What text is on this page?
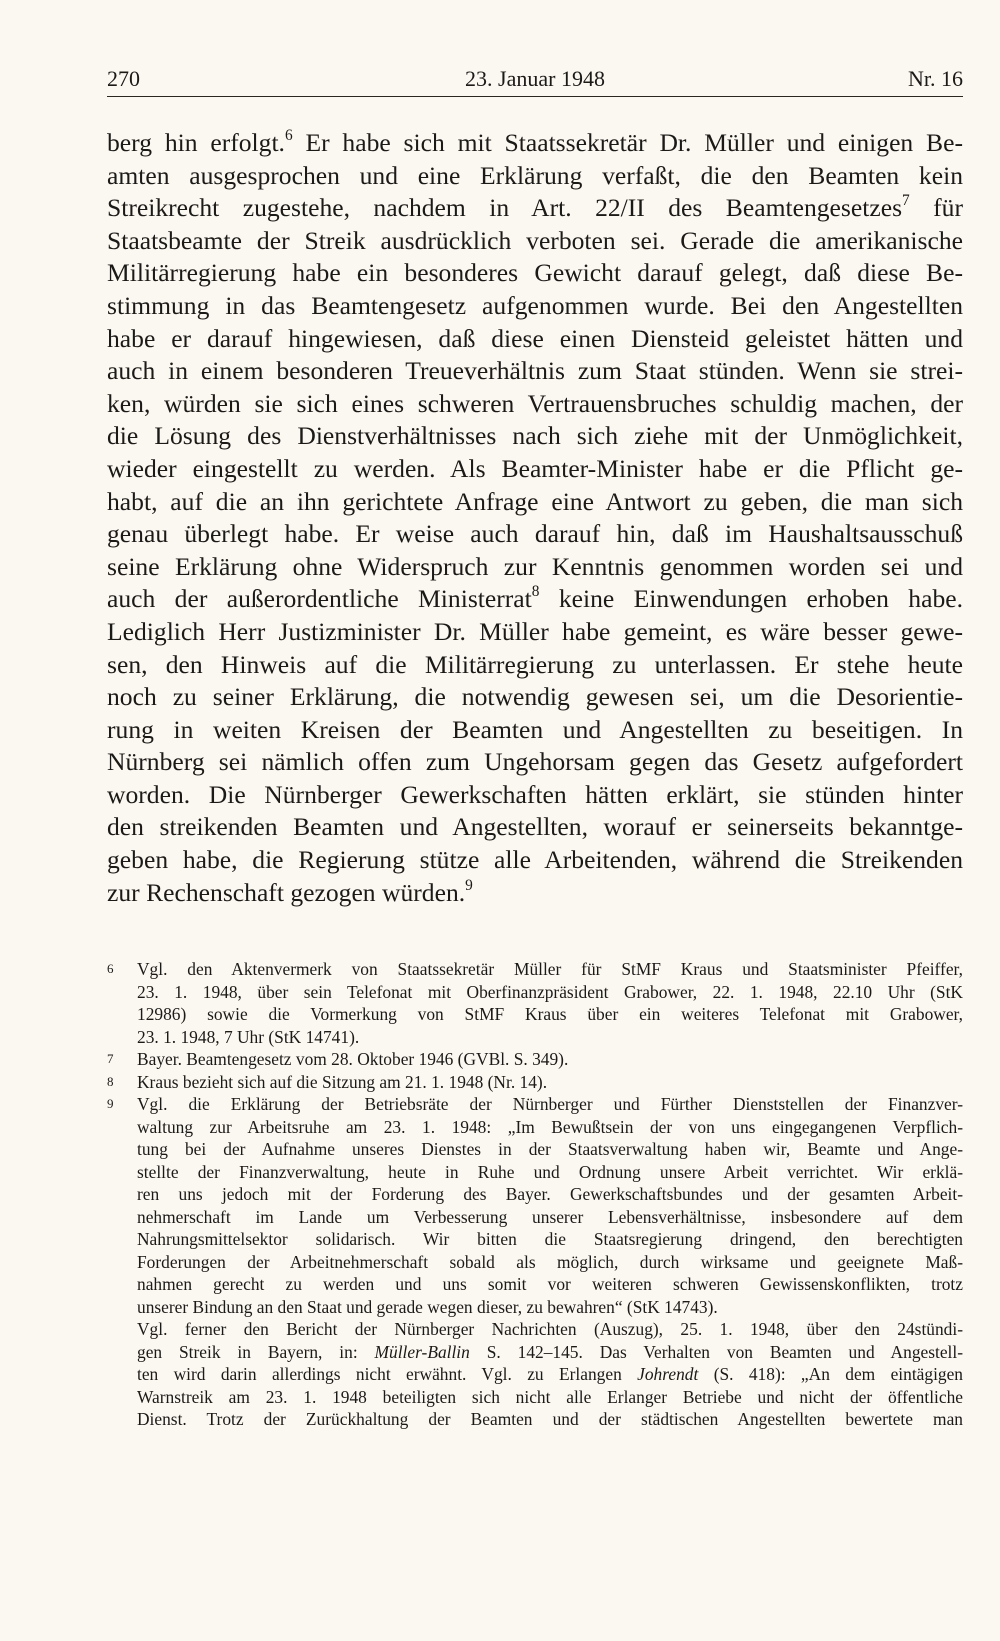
270	23. Januar 1948	Nr. 16
berg hin erfolgt.$^6$ Er habe sich mit Staatssekretär Dr. Müller und einigen Be-
amten ausgesprochen und eine Erklärung verfaßt, die den Beamten kein
Streikrecht zugestehe, nachdem in Art. 22/II des Beamtengesetzes$^7$ für
Staatsbeamte der Streik ausdrücklich verboten sei. Gerade die amerikanische
Militärregierung habe ein besonderes Gewicht darauf gelegt, daß diese Be-
stimmung in das Beamtengesetz aufgenommen wurde. Bei den Angestellten
habe er darauf hingewiesen, daß diese einen Diensteid geleistet hätten und
auch in einem besonderen Treueverhältnis zum Staat stünden. Wenn sie strei-
ken, würden sie sich eines schweren Vertrauensbruches schuldig machen, der
die Lösung des Dienstverhältnisses nach sich ziehe mit der Unmöglichkeit,
wieder eingestellt zu werden. Als Beamter-Minister habe er die Pflicht ge-
habt, auf die an ihn gerichtete Anfrage eine Antwort zu geben, die man sich
genau überlegt habe. Er weise auch darauf hin, daß im Haushaltsausschuß
seine Erklärung ohne Widerspruch zur Kenntnis genommen worden sei und
auch der außerordentliche Ministerrat$^8$ keine Einwendungen erhoben habe.
Lediglich Herr Justizminister Dr. Müller habe gemeint, es wäre besser gewe-
sen, den Hinweis auf die Militärregierung zu unterlassen. Er stehe heute
noch zu seiner Erklärung, die notwendig gewesen sei, um die Desorientie-
rung in weiten Kreisen der Beamten und Angestellten zu beseitigen. In
Nürnberg sei nämlich offen zum Ungehorsam gegen das Gesetz aufgefordert
worden. Die Nürnberger Gewerkschaften hätten erklärt, sie stünden hinter
den streikenden Beamten und Angestellten, worauf er seinerseits bekanntge-
geben habe, die Regierung stütze alle Arbeitenden, während die Streikenden
zur Rechenschaft gezogen würden.$^9$
6 Vgl. den Aktenvermerk von Staatssekretär Müller für StMF Kraus und Staatsminister Pfeiffer,
23. 1. 1948, über sein Telefonat mit Oberfinanzpräsident Grabower, 22. 1. 1948, 22.10 Uhr (StK
12986) sowie die Vormerkung von StMF Kraus über ein weiteres Telefonat mit Grabower,
23. 1. 1948, 7 Uhr (StK 14741).
7 Bayer. Beamtengesetz vom 28. Oktober 1946 (GVBl. S. 349).
8 Kraus bezieht sich auf die Sitzung am 21. 1. 1948 (Nr. 14).
9 Vgl. die Erklärung der Betriebsräte der Nürnberger und Fürther Dienststellen der Finanzver-
waltung zur Arbeitsruhe am 23. 1. 1948: „Im Bewußtsein der von uns eingegangenen Verpflich-
tung bei der Aufnahme unseres Dienstes in der Staatsverwaltung haben wir, Beamte und Ange-
stellte der Finanzverwaltung, heute in Ruhe und Ordnung unsere Arbeit verrichtet. Wir erklä-
ren uns jedoch mit der Forderung des Bayer. Gewerkschaftsbundes und der gesamten Arbeit-
nehmerschaft im Lande um Verbesserung unserer Lebensverhältnisse, insbesondere auf dem
Nahrungsmittelsektor solidarisch. Wir bitten die Staatsregierung dringend, den berechtigten
Forderungen der Arbeitnehmerschaft sobald als möglich, durch wirksame und geeignete Maß-
nahmen gerecht zu werden und uns somit vor weiteren schweren Gewissenskonflikten, trotz
unserer Bindung an den Staat und gerade wegen dieser, zu bewahren“ (StK 14743).
Vgl. ferner den Bericht der Nürnberger Nachrichten (Auszug), 25. 1. 1948, über den 24stündi-
gen Streik in Bayern, in: Müller-Ballin S. 142–145. Das Verhalten von Beamten und Angestell-
ten wird darin allerdings nicht erwähnt. Vgl. zu Erlangen Johrendt (S. 418): „An dem eintägigen
Warnstreik am 23. 1. 1948 beteiligten sich nicht alle Erlanger Betriebe und nicht der öffentliche
Dienst. Trotz der Zurückhaltung der Beamten und der städtischen Angestellten bewertete man
